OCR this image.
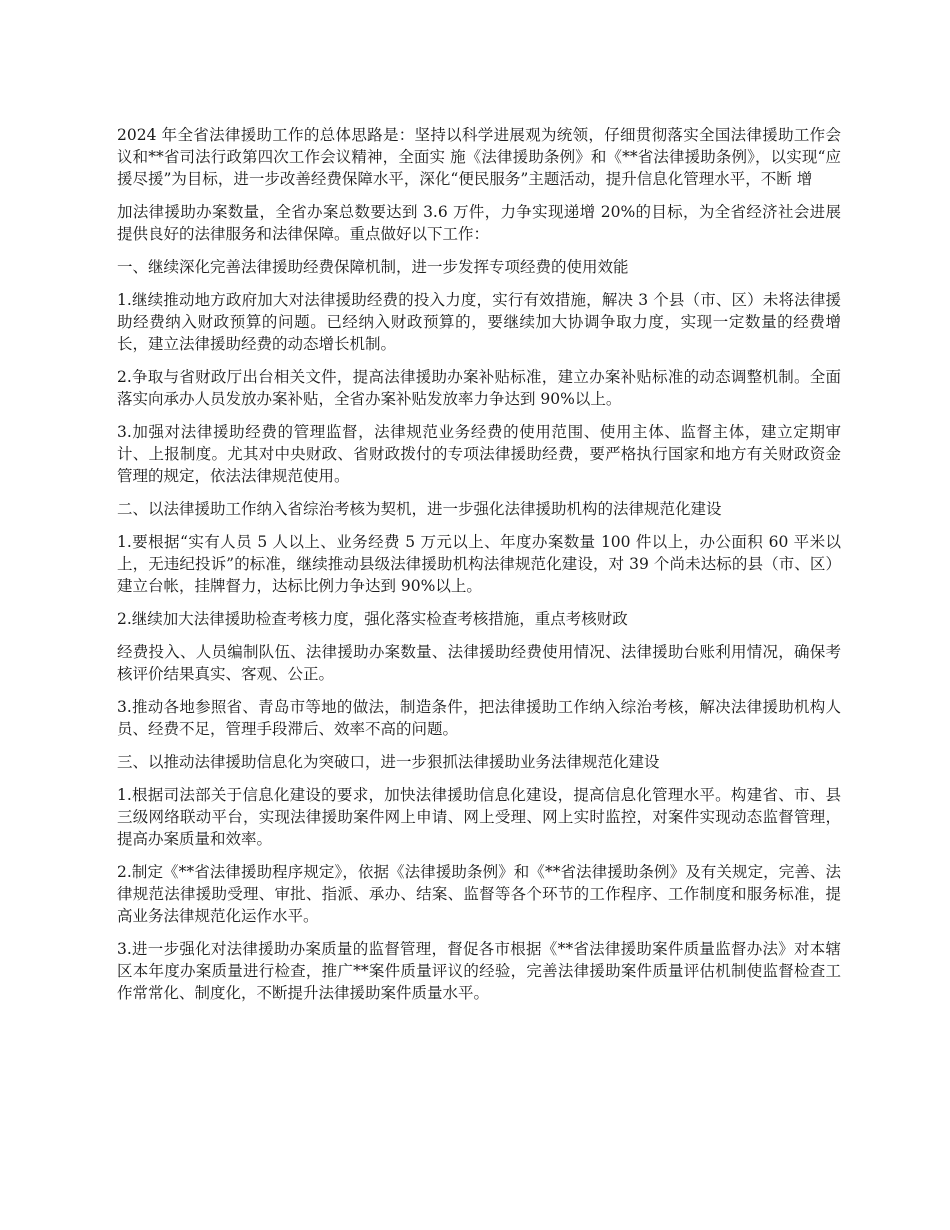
2024 年全省法律援助工作的总体思路是：坚持以科学进展观为统领，仔细贯彻落实全国法律援助工作会议和**省司法行政第四次工作会议精神，全面实 施《法律援助条例》和《**省法律援助条例》，以实现“应援尽援”为目标，进一步改善经费保障水平，深化“便民服务”主题活动，提升信息化管理水平，不断 增

加法律援助办案数量，全省办案总数要达到 3.6 万件，力争实现递增 20%的目标，为全省经济社会进展提供良好的法律服务和法律保障。重点做好以下工作：

一、继续深化完善法律援助经费保障机制，进一步发挥专项经费的使用效能

1.继续推动地方政府加大对法律援助经费的投入力度，实行有效措施，解决 3 个县（市、区）未将法律援助经费纳入财政预算的问题。已经纳入财政预算的，要继续加大协调争取力度，实现一定数量的经费增长，建立法律援助经费的动态增长机制。

2.争取与省财政厅出台相关文件，提高法律援助办案补贴标准，建立办案补贴标准的动态调整机制。全面落实向承办人员发放办案补贴，全省办案补贴发放率力争达到 90%以上。

3.加强对法律援助经费的管理监督，法律规范业务经费的使用范围、使用主体、监督主体，建立定期审计、上报制度。尤其对中央财政、省财政拨付的专项法律援助经费，要严格执行国家和地方有关财政资金管理的规定，依法法律规范使用。

二、以法律援助工作纳入省综治考核为契机，进一步强化法律援助机构的法律规范化建设

1.要根据“实有人员 5 人以上、业务经费 5 万元以上、年度办案数量 100 件以上，办公面积 60 平米以上，无违纪投诉”的标准，继续推动县级法律援助机构法律规范化建设，对 39 个尚未达标的县（市、区）建立台帐，挂牌督力，达标比例力争达到 90%以上。

2.继续加大法律援助检查考核力度，强化落实检查考核措施，重点考核财政

经费投入、人员编制队伍、法律援助办案数量、法律援助经费使用情况、法律援助台账利用情况，确保考核评价结果真实、客观、公正。

3.推动各地参照省、青岛市等地的做法，制造条件，把法律援助工作纳入综治考核，解决法律援助机构人员、经费不足，管理手段滞后、效率不高的问题。

三、以推动法律援助信息化为突破口，进一步狠抓法律援助业务法律规范化建设

1.根据司法部关于信息化建设的要求，加快法律援助信息化建设，提高信息化管理水平。构建省、市、县三级网络联动平台，实现法律援助案件网上申请、网上受理、网上实时监控，对案件实现动态监督管理，提高办案质量和效率。

2.制定《**省法律援助程序规定》，依据《法律援助条例》和《**省法律援助条例》及有关规定，完善、法律规范法律援助受理、审批、指派、承办、结案、监督等各个环节的工作程序、工作制度和服务标准，提高业务法律规范化运作水平。

3.进一步强化对法律援助办案质量的监督管理，督促各市根据《**省法律援助案件质量监督办法》对本辖区本年度办案质量进行检查，推广**案件质量评议的经验，完善法律援助案件质量评估机制使监督检查工作常常化、制度化，不断提升法律援助案件质量水平。
